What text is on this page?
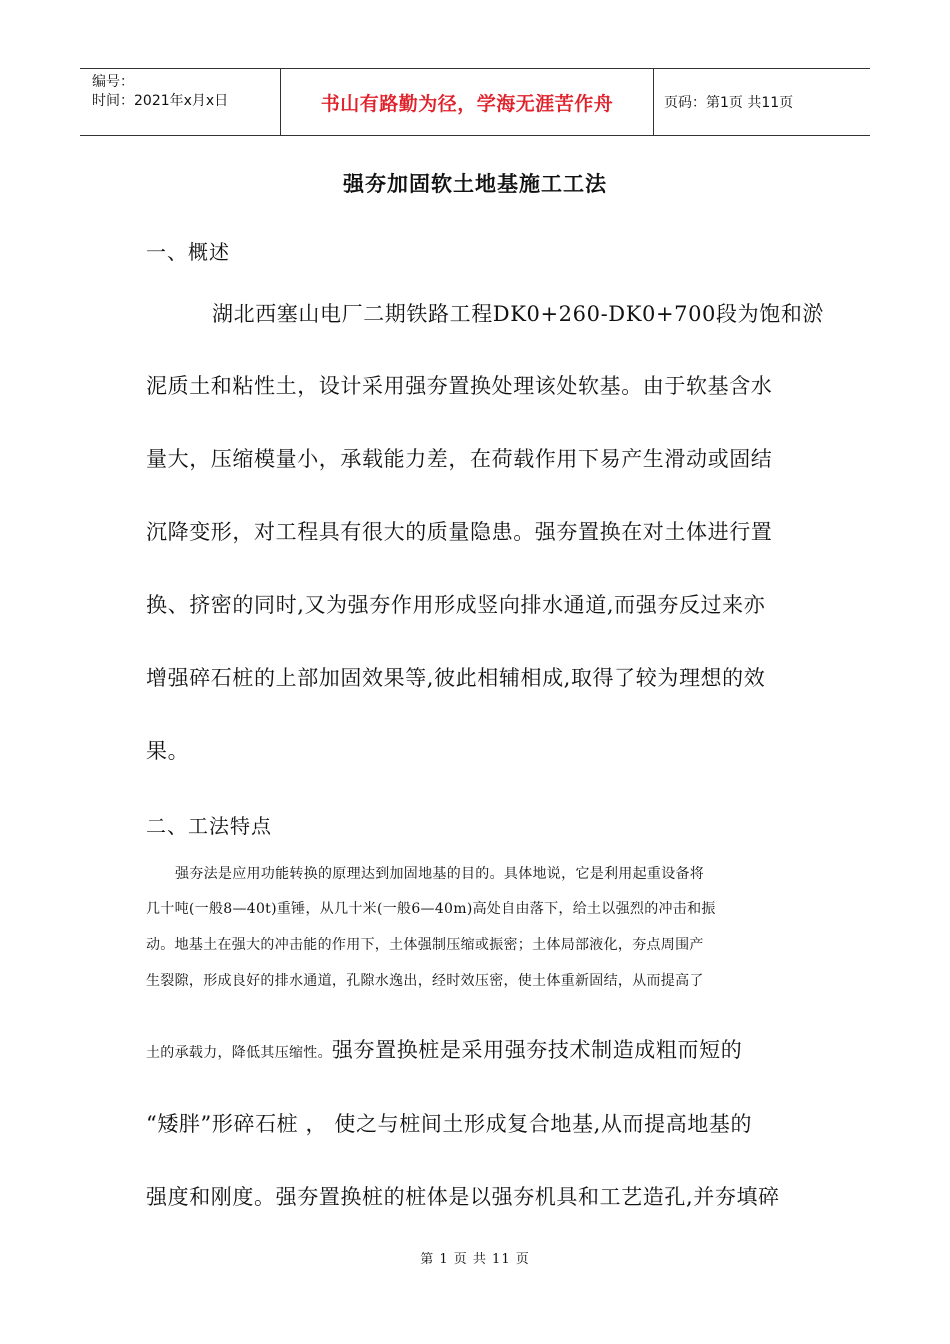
编号：
时间：2021年x月x日	书山有路勤为径，学海无涯苦作舟	页码：第1页 共11页
强夯加固软土地基施工工法
一、概述
湖北西塞山电厂二期铁路工程DK0+260-DK0+700段为饱和淤
泥质土和粘性土，设计采用强夯置换处理该处软基。由于软基含水
量大，压缩模量小，承载能力差，在荷载作用下易产生滑动或固结
沉降变形，对工程具有很大的质量隐患。强夯置换在对土体进行置
换、挤密的同时,又为强夯作用形成竖向排水通道,而强夯反过来亦
增强碎石桩的上部加固效果等,彼此相辅相成,取得了较为理想的效
果。
二、工法特点
强夯法是应用功能转换的原理达到加固地基的目的。具体地说，它是利用起重设备将
几十吨(一般8—40t)重锤，从几十米(一般6—40m)高处自由落下，给土以强烈的冲击和振
动。地基土在强大的冲击能的作用下，土体强制压缩或振密；土体局部液化，夯点周围产
生裂隙，形成良好的排水通道，孔隙水逸出，经时效压密，使土体重新固结，从而提高了
土的承载力，降低其压缩性。强夯置换桩是采用强夯技术制造成粗而短的
“矮胖”形碎石桩 ， 使之与桩间土形成复合地基,从而提高地基的
强度和刚度。强夯置换桩的桩体是以强夯机具和工艺造孔,并夯填碎
第 1 页 共 11 页
